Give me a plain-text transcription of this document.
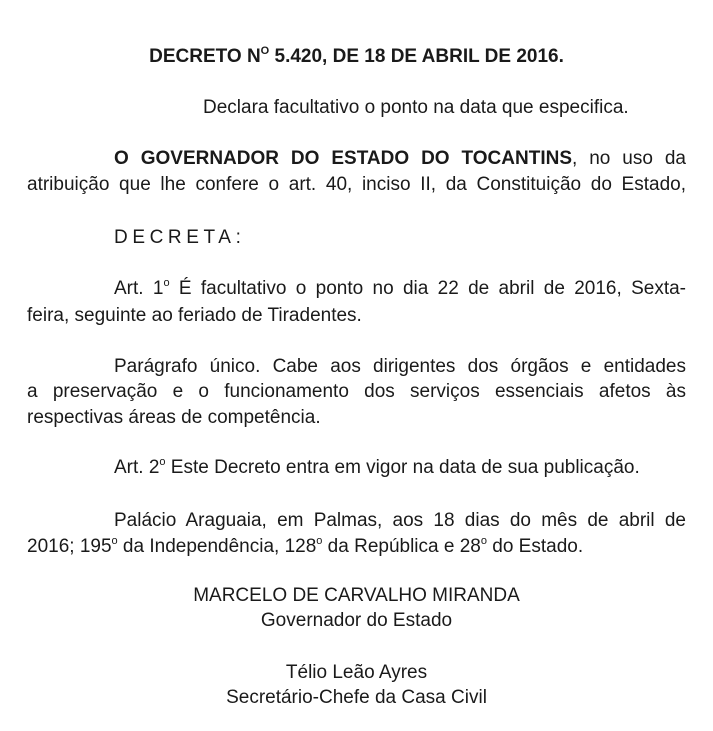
DECRETO $N^O$ 5.420, DE 18 DE ABRIL DE 2016.
Declara facultativo o ponto na data que especifica.
O GOVERNADOR DO ESTADO DO TOCANTINS, no uso da
atribuição que lhe confere o art. 40, inciso II, da Constituição do Estado,
DECRETA:
Art. 1$^o$ É facultativo o ponto no dia 22 de abril de 2016, Sexta-
feira, seguinte ao feriado de Tiradentes.
Parágrafo único. Cabe aos dirigentes dos órgãos e entidades
a preservação e o funcionamento dos serviços essenciais afetos às
respectivas áreas de competência.
Art. 2$^o$ Este Decreto entra em vigor na data de sua publicação.
Palácio Araguaia, em Palmas, aos 18 dias do mês de abril de
2016; 195$^o$ da Independência, 128$^o$ da República e 28$^o$ do Estado.
MARCELO DE CARVALHO MIRANDA
Governador do Estado
Télio Leão Ayres
Secretário-Chefe da Casa Civil
